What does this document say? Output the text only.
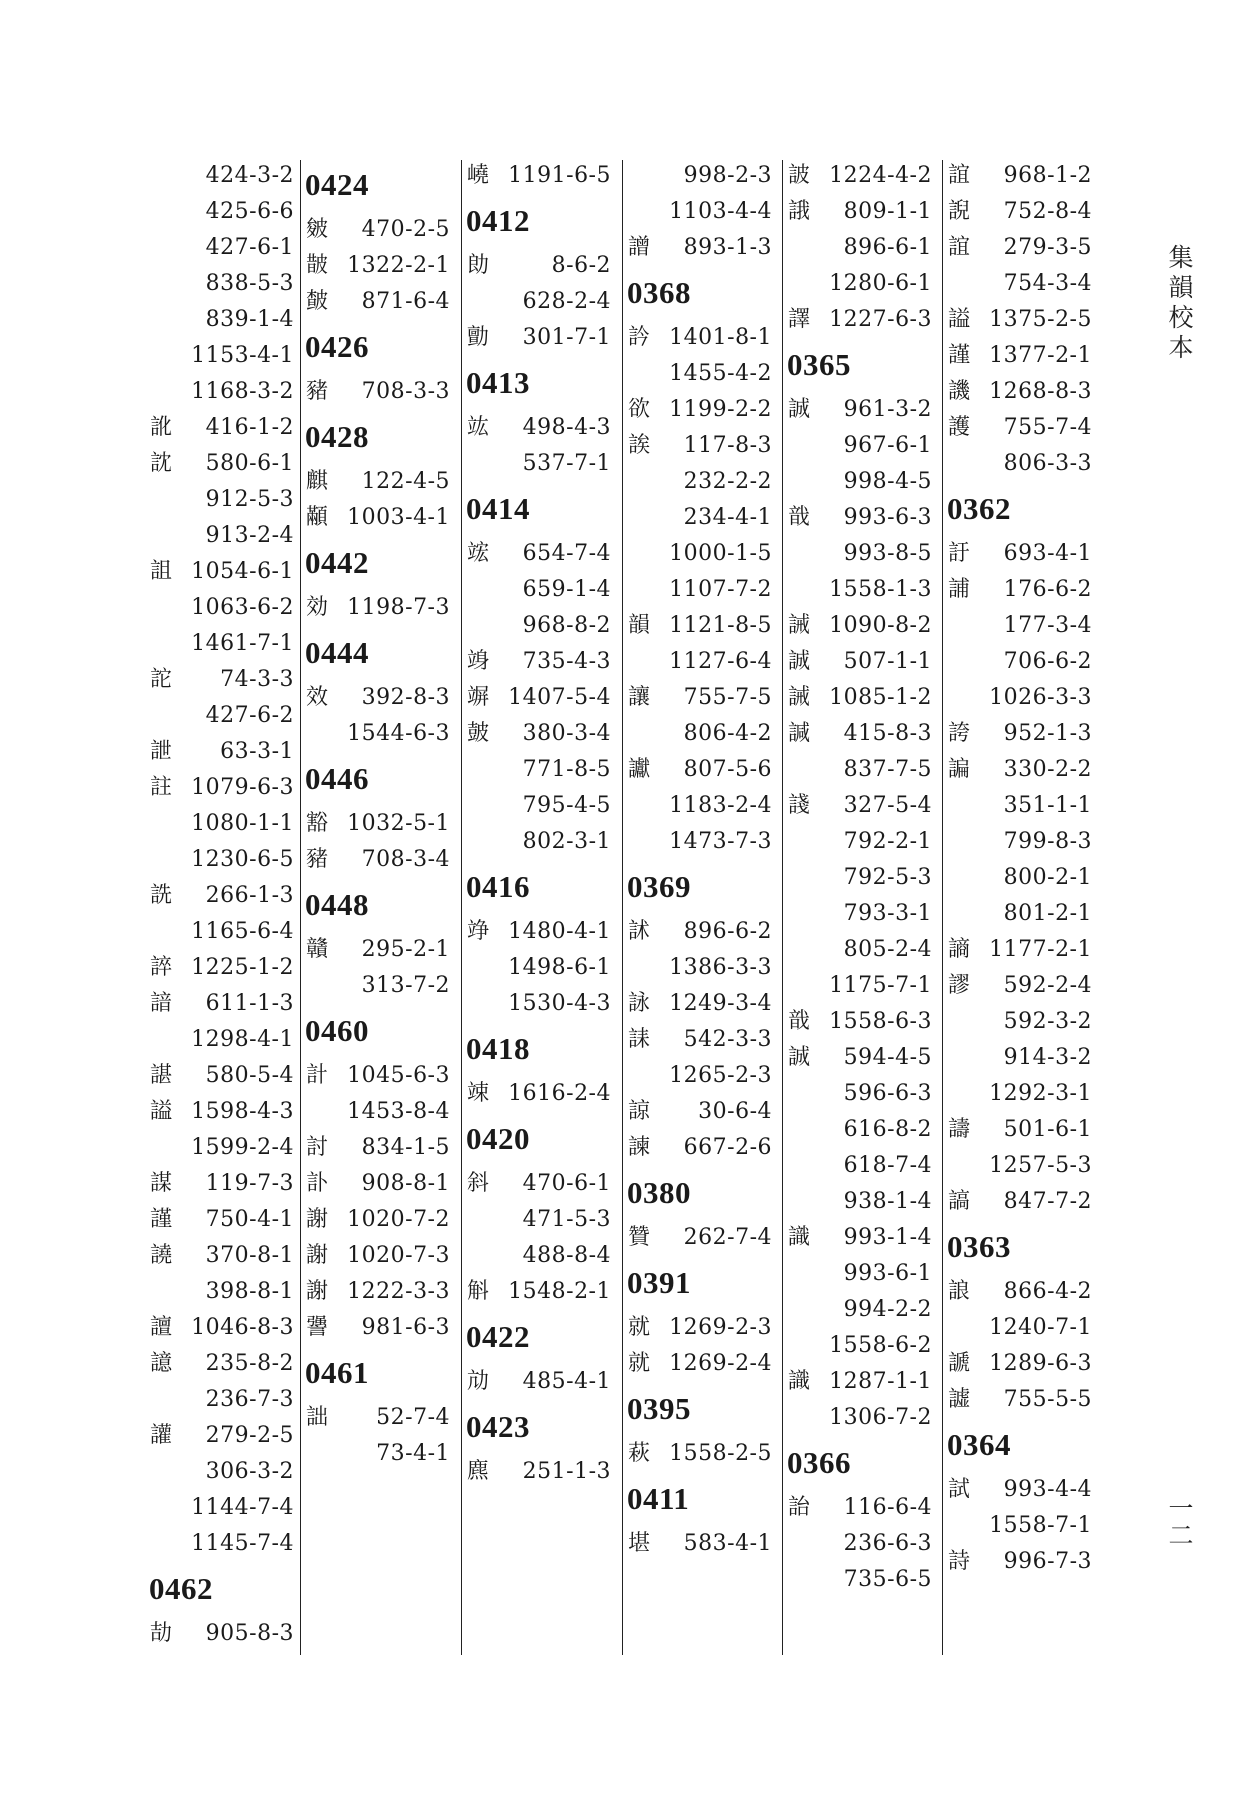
424-3-2
425-6-6
427-6-1
838-5-3
839-1-4
1153-4-1
1168-3-2
訛 416-1-2
訦 580-6-1
912-5-3
913-2-4
詛 1054-6-1
1063-6-2
1461-7-1
詑 74-3-3
427-6-2
詍 63-3-1
註 1079-6-3
1080-1-1
1230-6-5
詵 266-1-3
1165-6-4
誶 1225-1-2
諳 611-1-3
1298-4-1
諶 580-5-4
謚 1598-4-3
1599-2-4
謀 119-7-3
謹 750-4-1
譊 370-8-1
398-8-1
譠 1046-8-3
譩 235-8-2
236-7-3
讙 279-2-5
306-3-2
1144-7-4
1145-7-4
0462
劼 905-8-3
0424
皴 470-2-5
皵 1322-2-1
皶 871-6-4
0426
豬 708-3-3
0428
麒 122-4-5
顢 1003-4-1
0442
効 1198-7-3
0444
效 392-8-3
1544-6-3
0446
豁 1032-5-1
豬 708-3-4
0448
贛 295-2-1
313-7-2
0460
計 1045-6-3
1453-8-4
討 834-1-5
訃 908-8-1
謝 1020-7-2
謝 1020-7-3
謝 1222-3-3
謽 981-6-3
0461
詘 52-7-4
73-4-1
嶢 1191-6-5
0412
勆	8-6-2
628-2-4
勯 301-7-1
0413
竑 498-4-3
537-7-1
0414
竤 654-7-4
659-1-4
968-8-2
竧 735-4-3
竮 1407-5-4
皷 380-3-4
771-8-5
795-4-5
802-3-1
0416
竫 1480-4-1
1498-6-1
1530-4-3
0418
竦 1616-2-4
0420
斜 470-6-1
471-5-3
488-8-4
斛 1548-2-1
0422
劥 485-4-1
0423
麃 251-1-3
998-2-3
1103-4-4
譄 893-1-3
0368
訡 1401-8-1
1455-4-2
欲 1199-2-2
誒 117-8-3
232-2-2
234-4-1
1000-1-5
1107-7-2
韻 1121-8-5
1127-6-4
讓 755-7-5
806-4-2
讞 807-5-6
1183-2-4
1473-7-3
0369
訹 896-6-2
1386-3-3
詠 1249-3-4
誄 542-3-3
1265-2-3
諒 30-6-4
諫 667-2-6
0380
贊 262-7-4
0391
就 1269-2-3
就 1269-2-4
0395
萩 1558-2-5
0411
堪 583-4-1
詖 1224-4-2
誐 809-1-1
896-6-1
1280-6-1
譯 1227-6-3
0365
誠 961-3-2
967-6-1
998-4-5
戠 993-6-3
993-8-5
1558-1-3
誡 1090-8-2
誠 507-1-1
誡 1085-1-2
諴 415-8-3
837-7-5
諓 327-5-4
792-2-1
792-5-3
793-3-1
805-2-4
1175-7-1
戠 1558-6-3
誠 594-4-5
596-6-3
616-8-2
618-7-4
938-1-4
識 993-1-4
993-6-1
994-2-2
1558-6-2
識 1287-1-1
1306-7-2
0366
詒 116-6-4
236-6-3
735-6-5
誼 968-1-2
誽 752-8-4
誼 279-3-5
754-3-4
謚 1375-2-5
謹 1377-2-1
譏 1268-8-3
護 755-7-4
806-3-3
0362
訏 693-4-1
誧 176-6-2
177-3-4
706-6-2
1026-3-3
誇 952-1-3
諞 330-2-2
351-1-1
799-8-3
800-2-1
801-2-1
謪 1177-2-1
謬 592-2-4
592-3-2
914-3-2
1292-3-1
譸 501-6-1
1257-5-3
謞 847-7-2
0363
誏 866-4-2
1240-7-1
謕 1289-6-3
譃 755-5-5
0364
試 993-4-4
1558-7-1
詩 996-7-3
集韻校本
一二
